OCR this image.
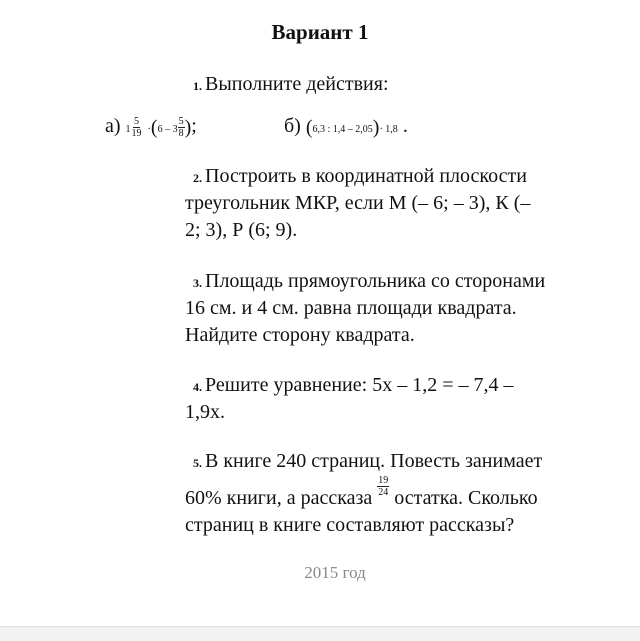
Вариант 1
1. Выполните действия:
а) $1 \frac{5}{19} \cdot(6 - 3 \frac{5}{8}$ );	б) (6,3 : 1,4 – 2,05)· 1,8 .
2. Построить в координатной плоскости
треугольник МКР, если М (– 6; – 3), К (–
2; 3), Р (6; 9).
3. Площадь прямоугольника со сторонами
16 см. и 4 см. равна площади квадрата.
Найдите сторону квадрата.
4. Решите уравнение: 5х – 1,2 = – 7,4 –
1,9х.
5. В книге 240 страниц. Повесть занимает
60% книги, а рассказа
$\frac{19}{24}$
остатка. Сколько
страниц в книге составляют рассказы?
2015 год
